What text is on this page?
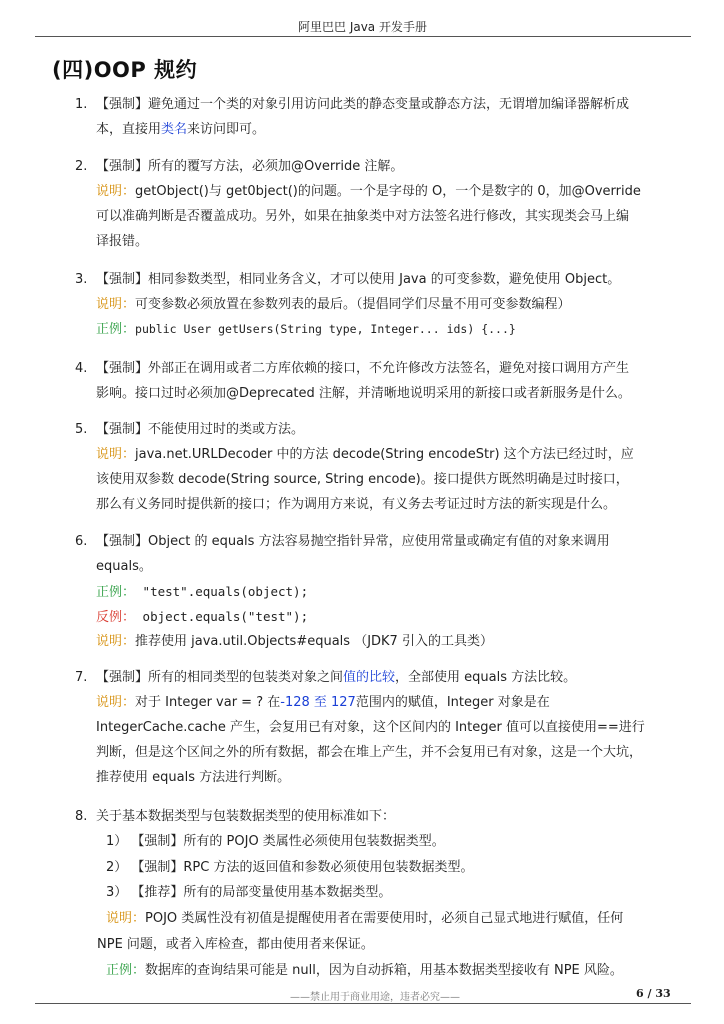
阿里巴巴 Java 开发手册
(四)OOP 规约
1. 【强制】避免通过一个类的对象引用访问此类的静态变量或静态方法，无谓增加编译器解析成
本，直接用类名来访问即可。
2. 【强制】所有的覆写方法，必须加@Override 注解。
说明：getObject()与 get0bject()的问题。一个是字母的 O，一个是数字的 0，加@Override
可以准确判断是否覆盖成功。另外，如果在抽象类中对方法签名进行修改，其实现类会马上编
译报错。
3. 【强制】相同参数类型，相同业务含义，才可以使用 Java 的可变参数，避免使用 Object。
说明：可变参数必须放置在参数列表的最后。（提倡同学们尽量不用可变参数编程）
正例：public User getUsers(String type, Integer... ids) {...}
4. 【强制】外部正在调用或者二方库依赖的接口，不允许修改方法签名，避免对接口调用方产生
影响。接口过时必须加@Deprecated 注解，并清晰地说明采用的新接口或者新服务是什么。
5. 【强制】不能使用过时的类或方法。
说明：java.net.URLDecoder 中的方法 decode(String encodeStr) 这个方法已经过时，应
该使用双参数 decode(String source, String encode)。接口提供方既然明确是过时接口，
那么有义务同时提供新的接口；作为调用方来说，有义务去考证过时方法的新实现是什么。
6. 【强制】Object 的 equals 方法容易抛空指针异常，应使用常量或确定有值的对象来调用
equals。
正例： "test".equals(object);
反例： object.equals("test");
说明：推荐使用 java.util.Objects#equals （JDK7 引入的工具类）
7. 【强制】所有的相同类型的包装类对象之间值的比较，全部使用 equals 方法比较。
说明：对于 Integer var = ? 在-128 至 127范围内的赋值，Integer 对象是在
IntegerCache.cache 产生，会复用已有对象，这个区间内的 Integer 值可以直接使用==进行
判断，但是这个区间之外的所有数据，都会在堆上产生，并不会复用已有对象，这是一个大坑，
推荐使用 equals 方法进行判断。
8. 关于基本数据类型与包装数据类型的使用标准如下：
1） 【强制】所有的 POJO 类属性必须使用包装数据类型。
2） 【强制】RPC 方法的返回值和参数必须使用包装数据类型。
3） 【推荐】所有的局部变量使用基本数据类型。
说明：POJO 类属性没有初值是提醒使用者在需要使用时，必须自己显式地进行赋值，任何
NPE 问题，或者入库检查，都由使用者来保证。
正例：数据库的查询结果可能是 null，因为自动拆箱，用基本数据类型接收有 NPE 风险。
——禁止用于商业用途，违者必究——	6 / 33
